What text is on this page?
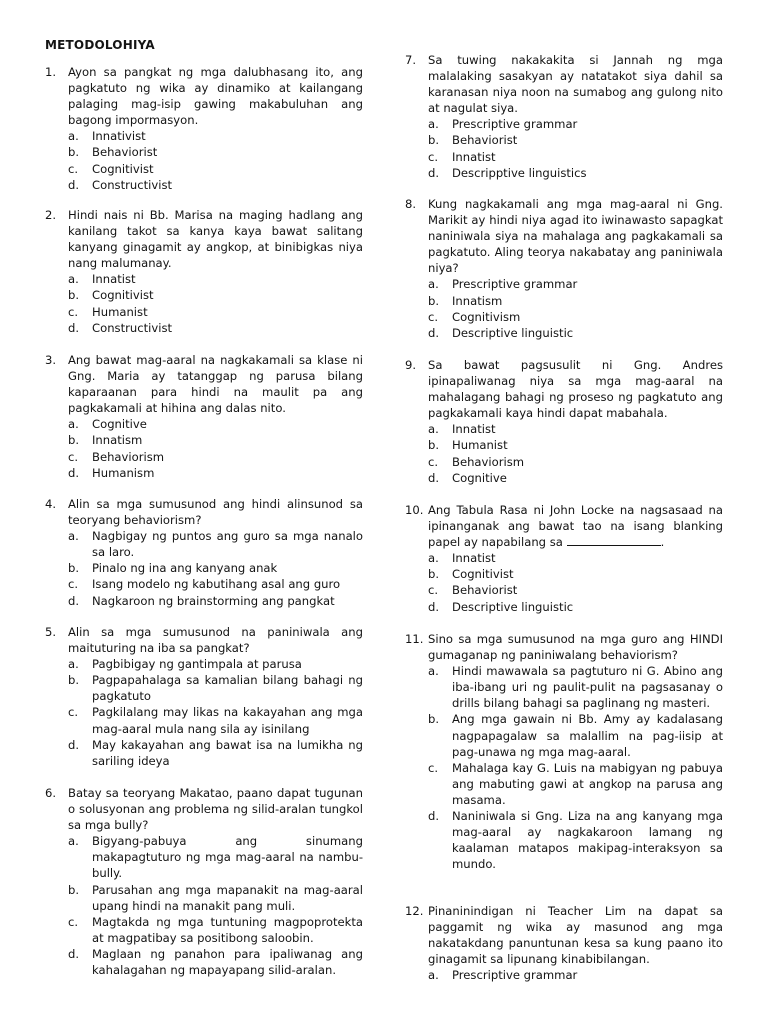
METODOLOHIYA
1.	Ayon sa pangkat ng mga dalubhasang ito, ang pagkatuto ng wika ay dinamiko at kailangang palaging mag-isip gawing makabuluhan ang bagong impormasyon.
a.	Innativist
b.	Behaviorist
c.	Cognitivist
d.	Constructivist
2.	Hindi nais ni Bb. Marisa na maging hadlang ang kanilang takot sa kanya kaya bawat salitang kanyang ginagamit ay angkop, at binibigkas niya nang malumanay.
a.	Innatist
b.	Cognitivist
c.	Humanist
d.	Constructivist
3.	Ang bawat mag-aaral na nagkakamali sa klase ni Gng. Maria ay tatanggap ng parusa bilang kaparaanan para hindi na maulit pa ang pagkakamali at hihina ang dalas nito.
a.	Cognitive
b.	Innatism
c.	Behaviorism
d.	Humanism
4.	Alin sa mga sumusunod ang hindi alinsunod sa teoryang behaviorism?
a.	Nagbigay ng puntos ang guro sa mga nanalo sa laro.
b.	Pinalo ng ina ang kanyang anak
c.	Isang modelo ng kabutihang asal ang guro
d.	Nagkaroon ng brainstorming ang pangkat
5.	Alin sa mga sumusunod na paniniwala ang maituturing na iba sa pangkat?
a.	Pagbibigay ng gantimpala at parusa
b.	Pagpapahalaga sa kamalian bilang bahagi ng pagkatuto
c.	Pagkilalang may likas na kakayahan ang mga mag-aaral mula nang sila ay isinilang
d.	May kakayahan ang bawat isa na lumikha ng sariling ideya
6.	Batay sa teoryang Makatao, paano dapat tugunan o solusyonan ang problema ng silid-aralan tungkol sa mga bully?
a.	Bigyang-pabuya ang sinumang makapagtuturo ng mga mag-aaral na nambu-bully.
b.	Parusahan ang mga mapanakit na mag-aaral upang hindi na manakit pang muli.
c.	Magtakda ng mga tuntuning magpoprotekta at magpatibay sa positibong saloobin.
d.	Maglaan ng panahon para ipaliwanag ang kahalagahan ng mapayapang silid-aralan.
7.	Sa tuwing nakakakita si Jannah ng mga malalaking sasakyan ay natatakot siya dahil sa karanasan niya noon na sumabog ang gulong nito at nagulat siya.
a.	Prescriptive grammar
b.	Behaviorist
c.	Innatist
d.	Descripptive linguistics
8.	Kung nagkakamali ang mga mag-aaral ni Gng. Marikit ay hindi niya agad ito iwinawasto sapagkat naniniwala siya na mahalaga ang pagkakamali sa pagkatuto. Aling teorya nakabatay ang paniniwala niya?
a.	Prescriptive grammar
b.	Innatism
c.	Cognitivism
d.	Descriptive linguistic
9.	Sa bawat pagsusulit ni Gng. Andres ipinapaliwanag niya sa mga mag-aaral na mahalagang bahagi ng proseso ng pagkatuto ang pagkakamali kaya hindi dapat mabahala.
a.	Innatist
b.	Humanist
c.	Behaviorism
d.	Cognitive
10. Ang Tabula Rasa ni John Locke na nagsasaad na ipinanganak ang bawat tao na isang blanking papel ay napabilang sa	.
a.	Innatist
b.	Cognitivist
c.	Behaviorist
d.	Descriptive linguistic
11. Sino sa mga sumusunod na mga guro ang HINDI gumaganap ng paniniwalang behaviorism?
a.	Hindi mawawala sa pagtuturo ni G. Abino ang iba-ibang uri ng paulit-pulit na pagsasanay o drills bilang bahagi sa paglinang ng masteri.
b.	Ang mga gawain ni Bb. Amy ay kadalasang nagpapagalaw sa malallim na pag-iisip at pag-unawa ng mga mag-aaral.
c.	Mahalaga kay G. Luis na mabigyan ng pabuya ang mabuting gawi at angkop na parusa ang masama.
d.	Naniniwala si Gng. Liza na ang kanyang mga mag-aaral ay nagkakaroon lamang ng kaalaman matapos makipag-interaksyon sa mundo.
12. Pinaninindigan ni Teacher Lim na dapat sa paggamit ng wika ay masunod ang mga nakatakdang panuntunan kesa sa kung paano ito ginagamit sa lipunang kinabibilangan.
a.	Prescriptive grammar
